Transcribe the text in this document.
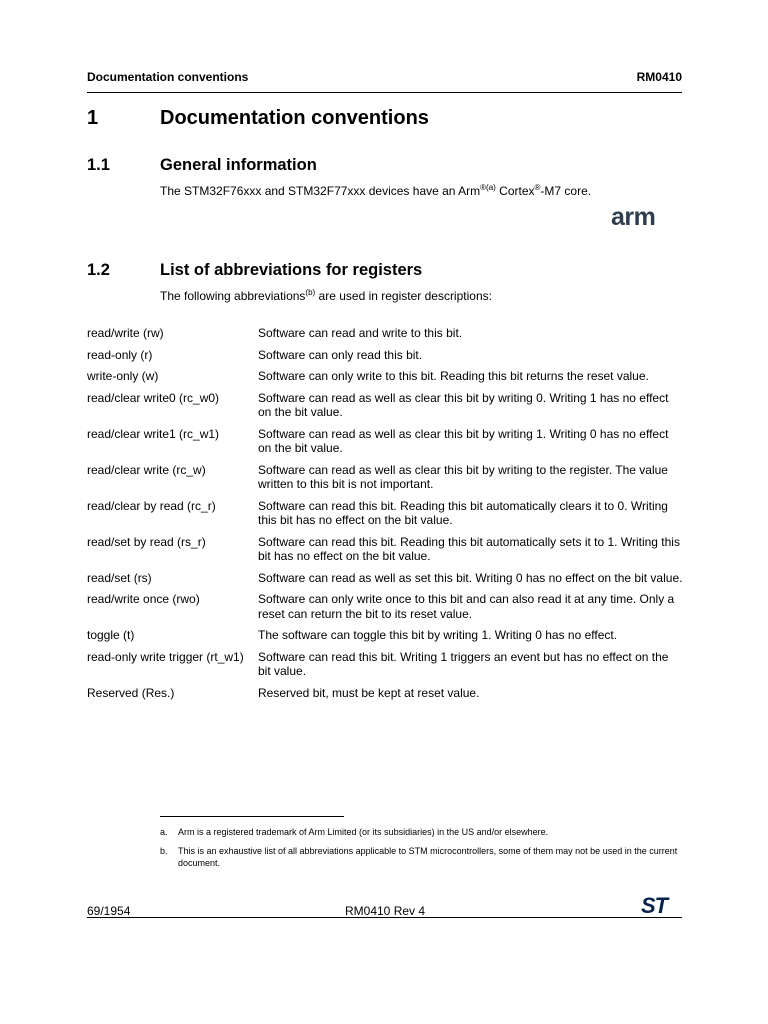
Documentation conventions	RM0410
1	Documentation conventions
1.1	General information
The STM32F76xxx and STM32F77xxx devices have an Arm$^{®(a)}$ Cortex®-M7 core.
arm
1.2	List of abbreviations for registers
The following abbreviations$^{(b)}$ are used in register descriptions:
read/write (rw)	Software can read and write to this bit.
read-only (r)	Software can only read this bit.
write-only (w)	Software can only write to this bit. Reading this bit returns the reset value.
read/clear write0 (rc_w0)	Software can read as well as clear this bit by writing 0. Writing 1 has no effect on the bit value.
read/clear write1 (rc_w1)	Software can read as well as clear this bit by writing 1. Writing 0 has no effect on the bit value.
read/clear write (rc_w)	Software can read as well as clear this bit by writing to the register. The value written to this bit is not important.
read/clear by read (rc_r)	Software can read this bit. Reading this bit automatically clears it to 0. Writing this bit has no effect on the bit value.
read/set by read (rs_r)	Software can read this bit. Reading this bit automatically sets it to 1. Writing this bit has no effect on the bit value.
read/set (rs)	Software can read as well as set this bit. Writing 0 has no effect on the bit value.
read/write once (rwo)	Software can only write once to this bit and can also read it at any time. Only a reset can return the bit to its reset value.
toggle (t)	The software can toggle this bit by writing 1. Writing 0 has no effect.
read-only write trigger (rt_w1)	Software can read this bit. Writing 1 triggers an event but has no effect on the bit value.
Reserved (Res.)	Reserved bit, must be kept at reset value.
a.	Arm is a registered trademark of Arm Limited (or its subsidiaries) in the US and/or elsewhere.
b.	This is an exhaustive list of all abbreviations applicable to STM microcontrollers, some of them may not be used in the current document.
69/1954	RM0410 Rev 4	ST
